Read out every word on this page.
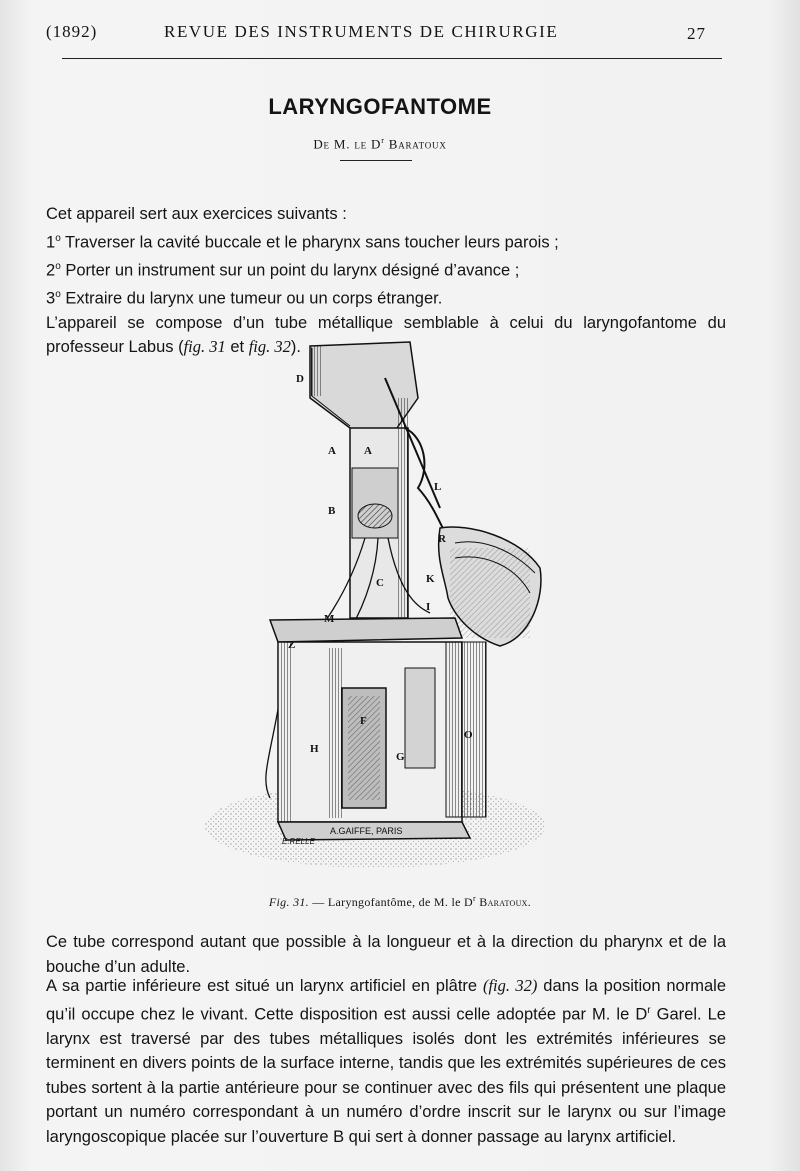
(1892)	REVUE DES INSTRUMENTS DE CHIRURGIE	27
LARYNGOFANTOME
De M. le $D^r$ Baratoux
Cet appareil sert aux exercices suivants :
1$^o$ Traverser la cavité buccale et le pharynx sans toucher leurs parois ;
2$^o$ Porter un instrument sur un point du larynx désigné d’avance ;
3$^o$ Extraire du larynx une tumeur ou un corps étranger.
L’appareil se compose d’un tube métallique semblable à celui du laryngofantome du professeur Labus (fig. 31 et fig. 32).
A.GAIFFE, PARIS
E.RELLE
D
A	A
B
L
R
C	K
I
M
Z
F
H
G
O
Fig. 31. — Laryngofantôme, de M. le $D^r$ Baratoux.
Ce tube correspond autant que possible à la longueur et à la direction du pharynx et de la bouche d’un adulte.
A sa partie inférieure est situé un larynx artificiel en plâtre (fig. 32) dans la position normale qu’il occupe chez le vivant. Cette disposition est aussi celle adoptée par M. le $D^r$ Garel. Le larynx est traversé par des tubes métalliques isolés dont les extrémités inférieures se terminent en divers points de la surface interne, tandis que les extrémités supérieures de ces tubes sortent à la partie antérieure pour se continuer avec des fils qui présentent une plaque portant un numéro correspondant à un numéro d’ordre inscrit sur le larynx ou sur l’image laryngoscopique placée sur l’ouverture B qui sert à donner passage au larynx artificiel.
